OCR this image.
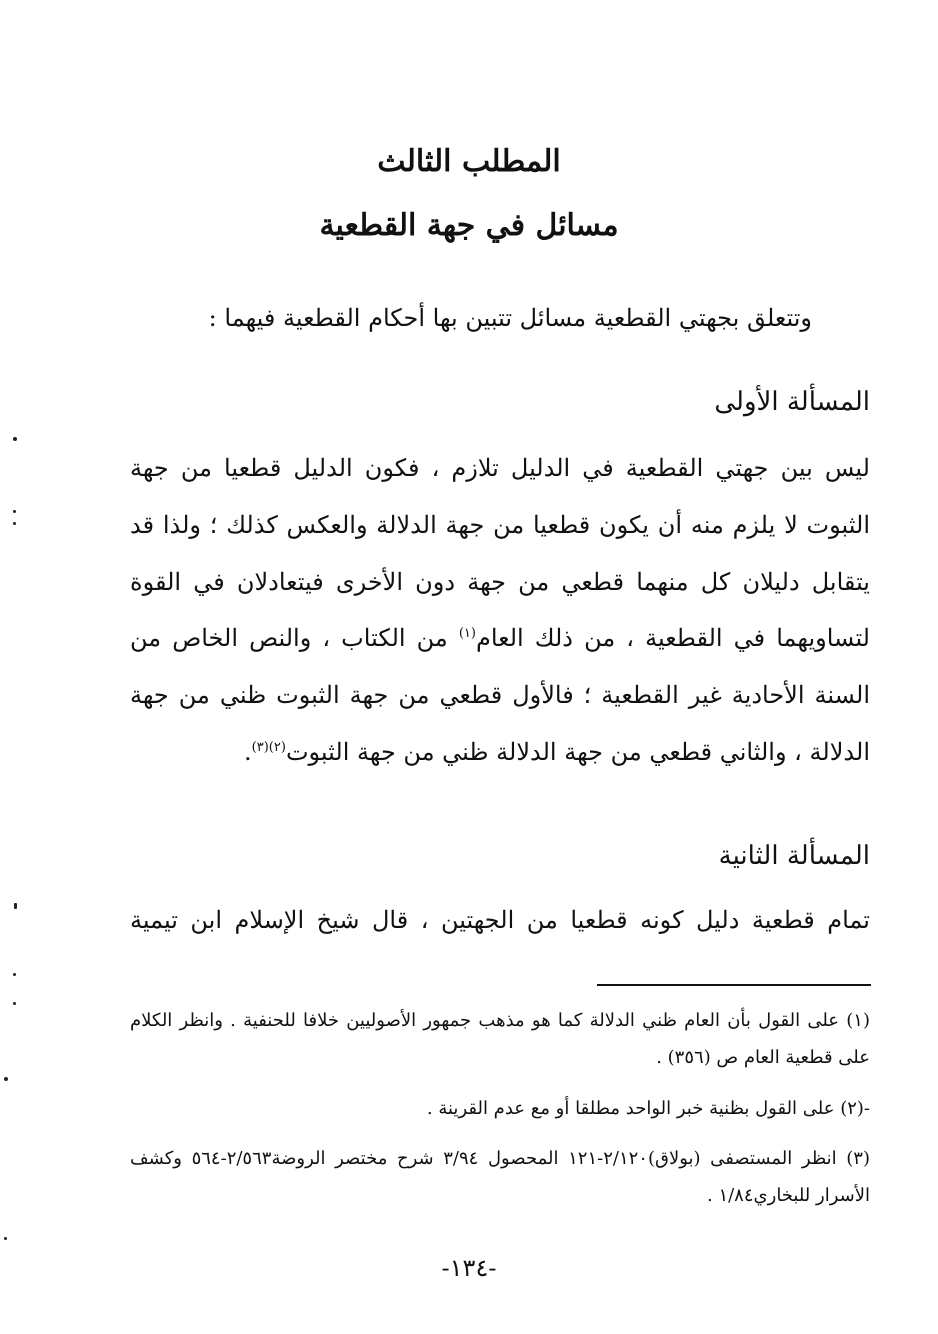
المطلب الثالث
مسائل في جهة القطعية
وتتعلق بجهتي القطعية مسائل تتبين بها أحكام القطعية فيهما :
المسألة الأولى
ليس بين جهتي القطعية في الدليل تلازم ، فكون الدليل قطعيا من جهة الثبوت لا يلزم منه أن يكون قطعيا من جهة الدلالة والعكس كذلك ؛ ولذا قد يتقابل دليلان كل منهما قطعي من جهة دون الأخرى فيتعادلان في القوة لتساويهما في القطعية ، من ذلك العام$^{(١)}$ من الكتاب ، والنص الخاص من السنة الأحادية غير القطعية ؛ فالأول قطعي من جهة الثبوت ظني من جهة الدلالة ، والثاني قطعي من جهة الدلالة ظني من جهة الثبوت$^{(٢)(٣)}$.
المسألة الثانية
تمام قطعية دليل كونه قطعيا من الجهتين ، قال شيخ الإسلام ابن تيمية
(١) على القول بأن العام ظني الدلالة كما هو مذهب جمهور الأصوليين خلافا للحنفية . وانظر الكلام على قطعية العام ص (٣٥٦) .
-(٢) على القول بظنية خبر الواحد مطلقا أو مع عدم القرينة .
(٣) انظر المستصفى (بولاق)٢/١٢٠-١٢١ المحصول ٣/٩٤ شرح مختصر الروضة٢/٥٦٣-٥٦٤ وكشف الأسرار للبخاري١/٨٤ .
-١٣٤-
